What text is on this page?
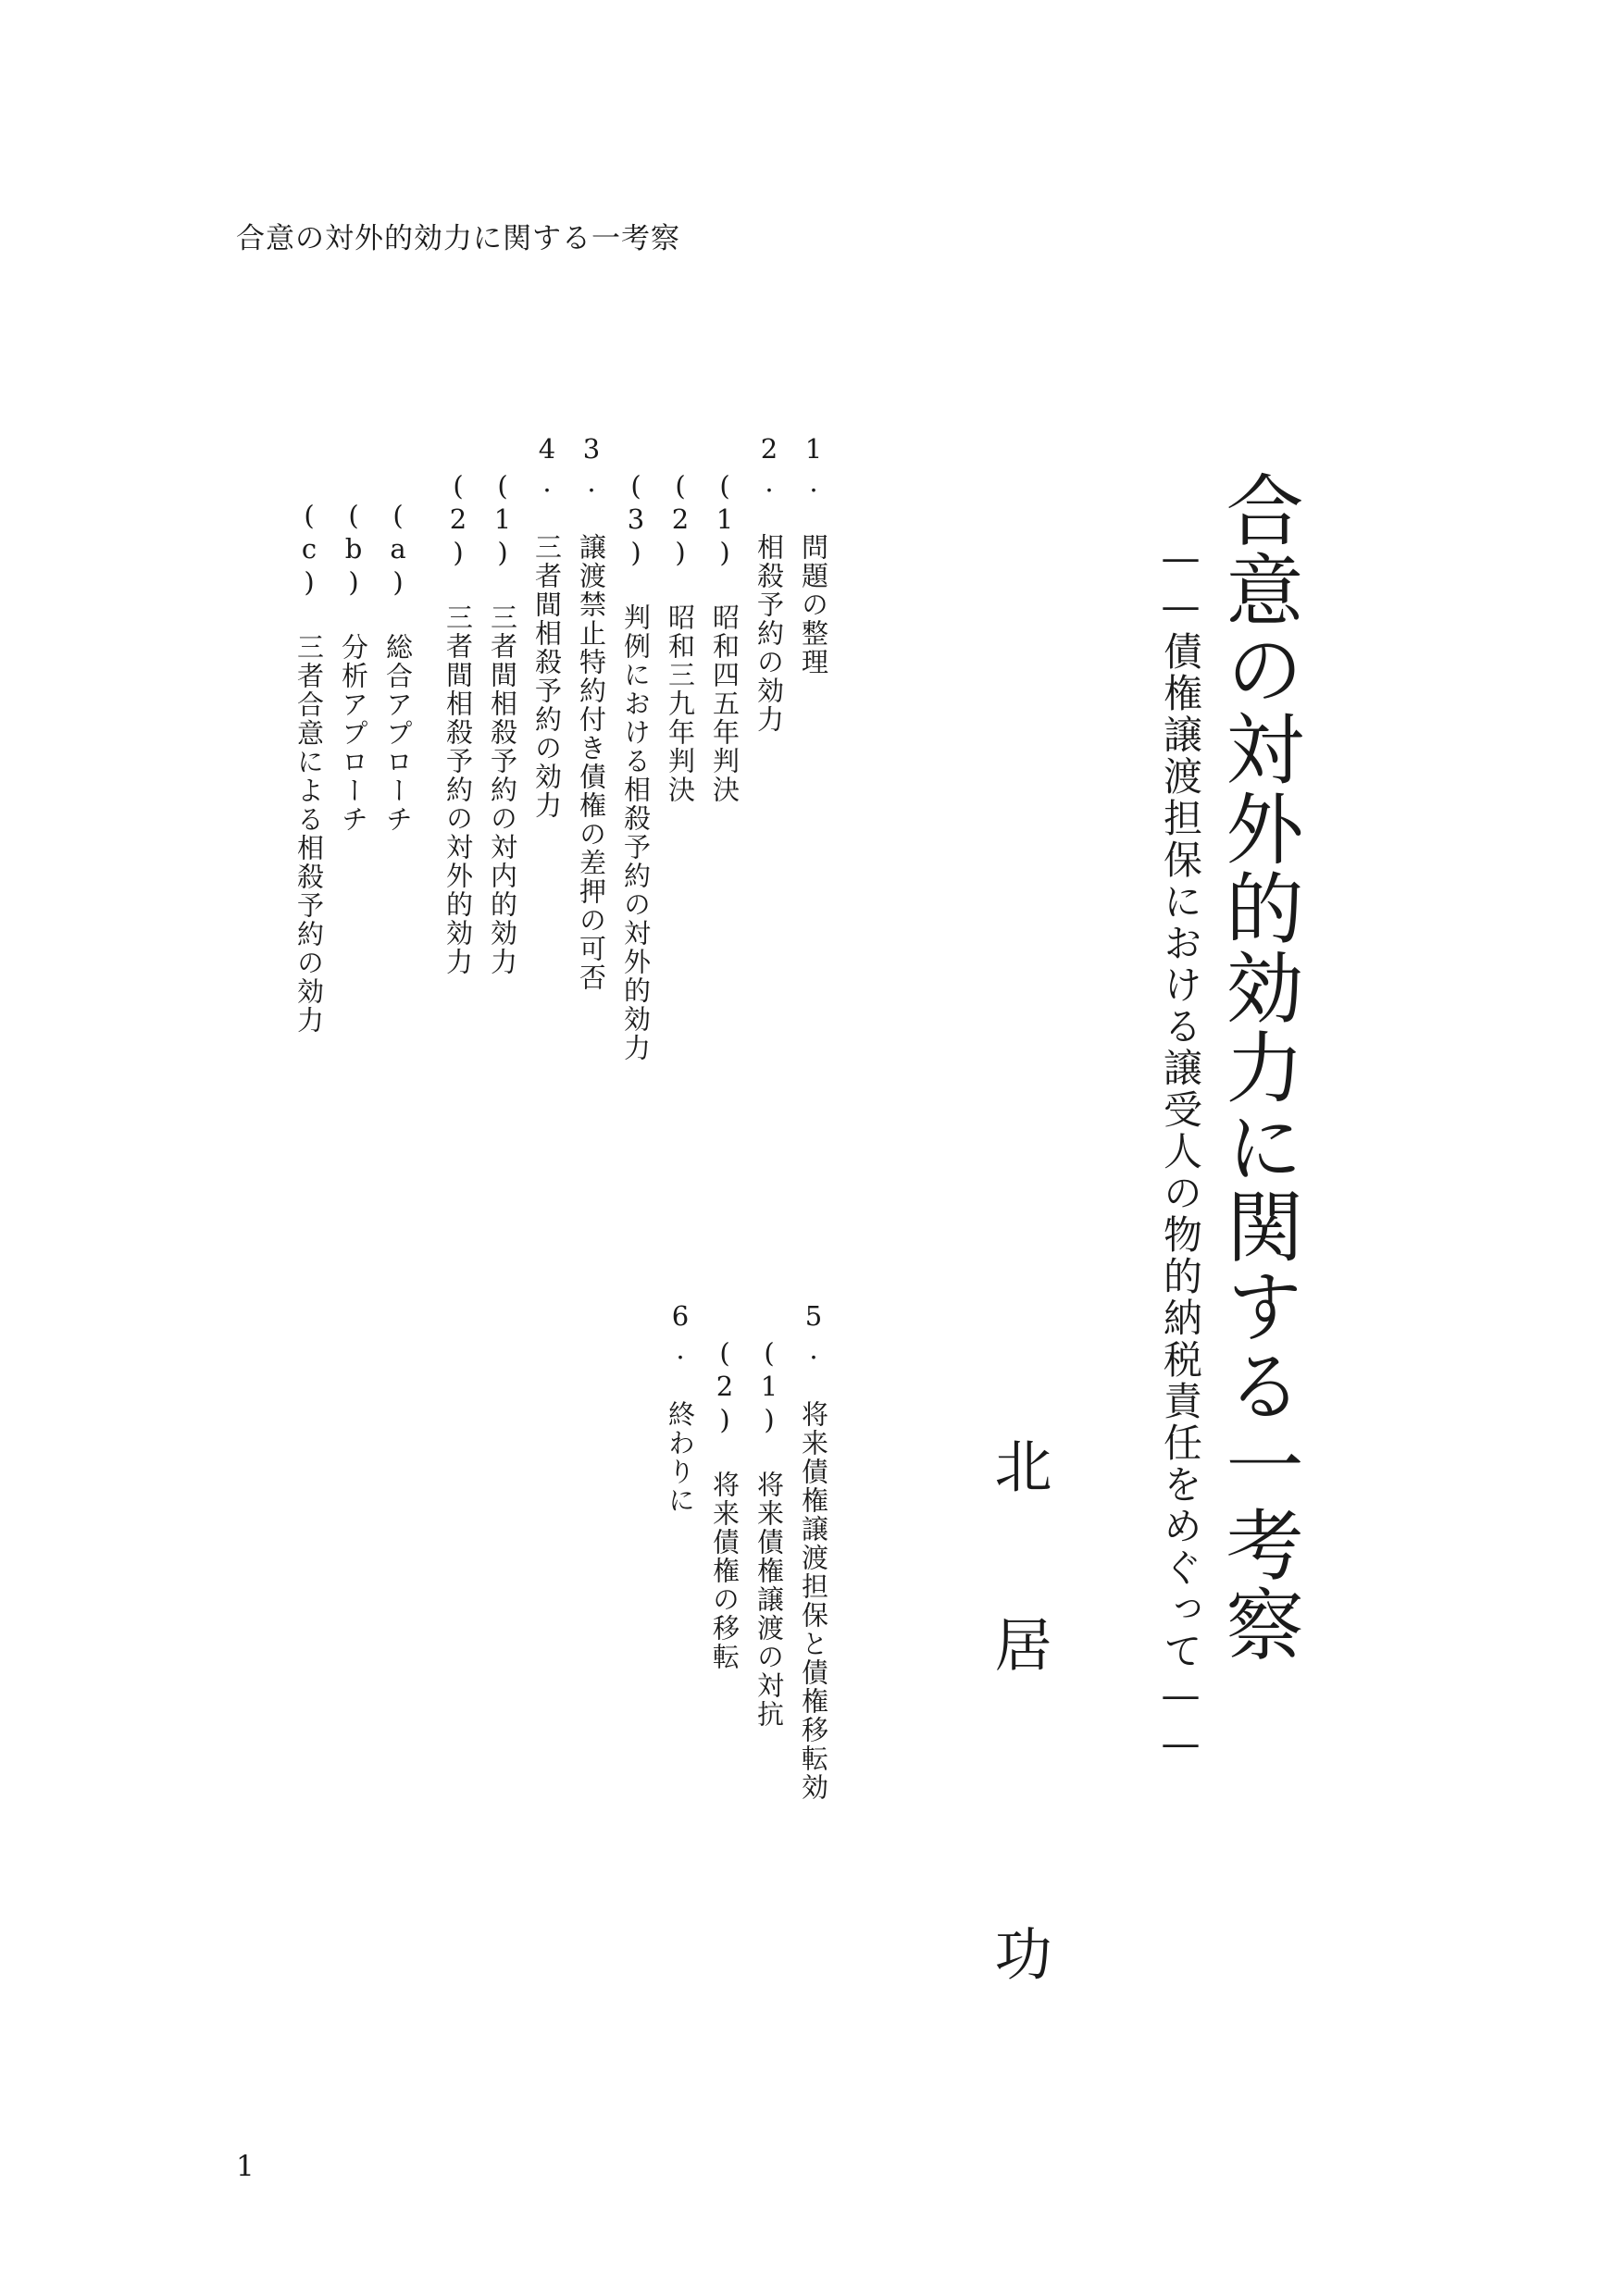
合意の対外的効力に関する一考察
合意の対外的効力に関する一考察
——債権譲渡担保における譲受人の物的納税責任をめぐって——
北
居
功
1. 問題の整理
2. 相殺予約の効力
(1) 昭和四五年判決
(2) 昭和三九年判決
(3) 判例における相殺予約の対外的効力
3. 譲渡禁止特約付き債権の差押の可否
4. 三者間相殺予約の効力
(1) 三者間相殺予約の対内的効力
(2) 三者間相殺予約の対外的効力
(a) 総合アプローチ
(b) 分析アプローチ
(c) 三者合意による相殺予約の効力
5. 将来債権譲渡担保と債権移転効
(1) 将来債権譲渡の対抗
(2) 将来債権の移転
6. 終わりに
1
